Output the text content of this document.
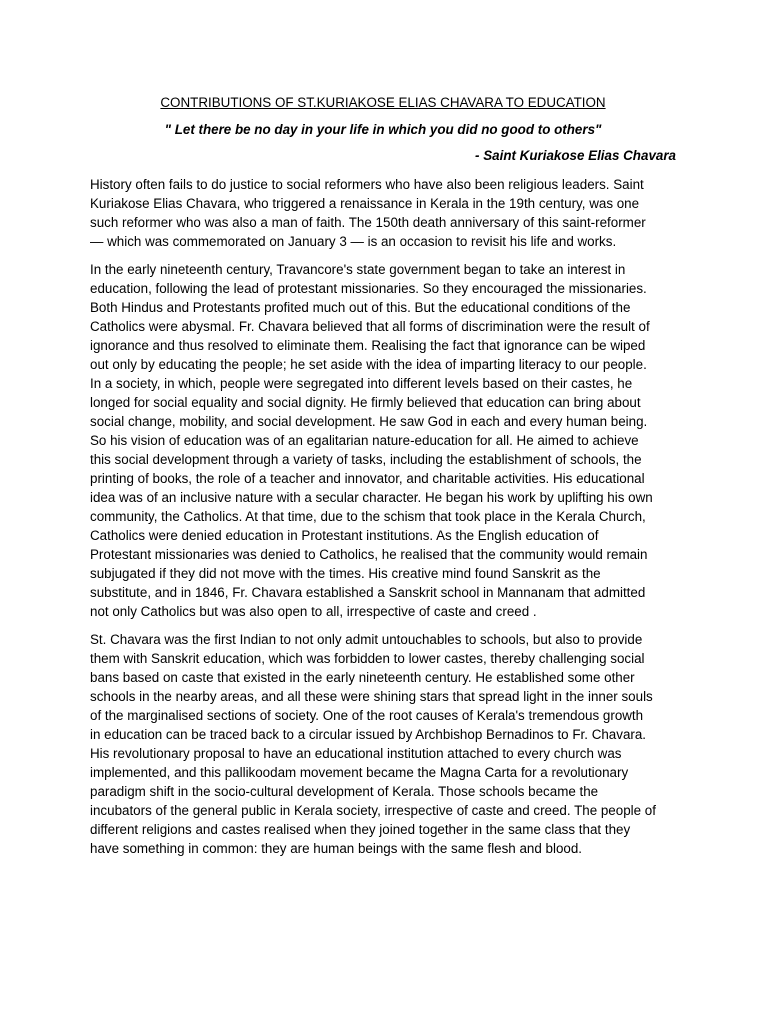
CONTRIBUTIONS OF ST.KURIAKOSE ELIAS CHAVARA TO EDUCATION
" Let there be no day in your life in which you did no good to others"
- Saint Kuriakose Elias Chavara
History often fails to do justice to social reformers who have also been religious leaders. Saint
Kuriakose Elias Chavara, who triggered a renaissance in Kerala in the 19th century, was one
such reformer who was also a man of faith. The 150th death anniversary of this saint-reformer
— which was commemorated on January 3 — is an occasion to revisit his life and works.
In the early nineteenth century, Travancore's state government began to take an interest in
education, following the lead of protestant missionaries. So they encouraged the missionaries.
Both Hindus and Protestants profited much out of this. But the educational conditions of the
Catholics were abysmal. Fr. Chavara believed that all forms of discrimination were the result of
ignorance and thus resolved to eliminate them. Realising the fact that ignorance can be wiped
out only by educating the people; he set aside with the idea of imparting literacy to our people.
In a society, in which, people were segregated into different levels based on their castes, he
longed for social equality and social dignity. He firmly believed that education can bring about
social change, mobility, and social development. He saw God in each and every human being.
So his vision of education was of an egalitarian nature-education for all. He aimed to achieve
this social development through a variety of tasks, including the establishment of schools, the
printing of books, the role of a teacher and innovator, and charitable activities. His educational
idea was of an inclusive nature with a secular character. He began his work by uplifting his own
community, the Catholics. At that time, due to the schism that took place in the Kerala Church,
Catholics were denied education in Protestant institutions. As the English education of
Protestant missionaries was denied to Catholics, he realised that the community would remain
subjugated if they did not move with the times. His creative mind found Sanskrit as the
substitute, and in 1846, Fr. Chavara established a Sanskrit school in Mannanam that admitted
not only Catholics but was also open to all, irrespective of caste and creed .
St. Chavara was the first Indian to not only admit untouchables to schools, but also to provide
them with Sanskrit education, which was forbidden to lower castes, thereby challenging social
bans based on caste that existed in the early nineteenth century. He established some other
schools in the nearby areas, and all these were shining stars that spread light in the inner souls
of the marginalised sections of society. One of the root causes of Kerala's tremendous growth
in education can be traced back to a circular issued by Archbishop Bernadinos to Fr. Chavara.
His revolutionary proposal to have an educational institution attached to every church was
implemented, and this pallikoodam movement became the Magna Carta for a revolutionary
paradigm shift in the socio-cultural development of Kerala. Those schools became the
incubators of the general public in Kerala society, irrespective of caste and creed. The people of
different religions and castes realised when they joined together in the same class that they
have something in common: they are human beings with the same flesh and blood.
